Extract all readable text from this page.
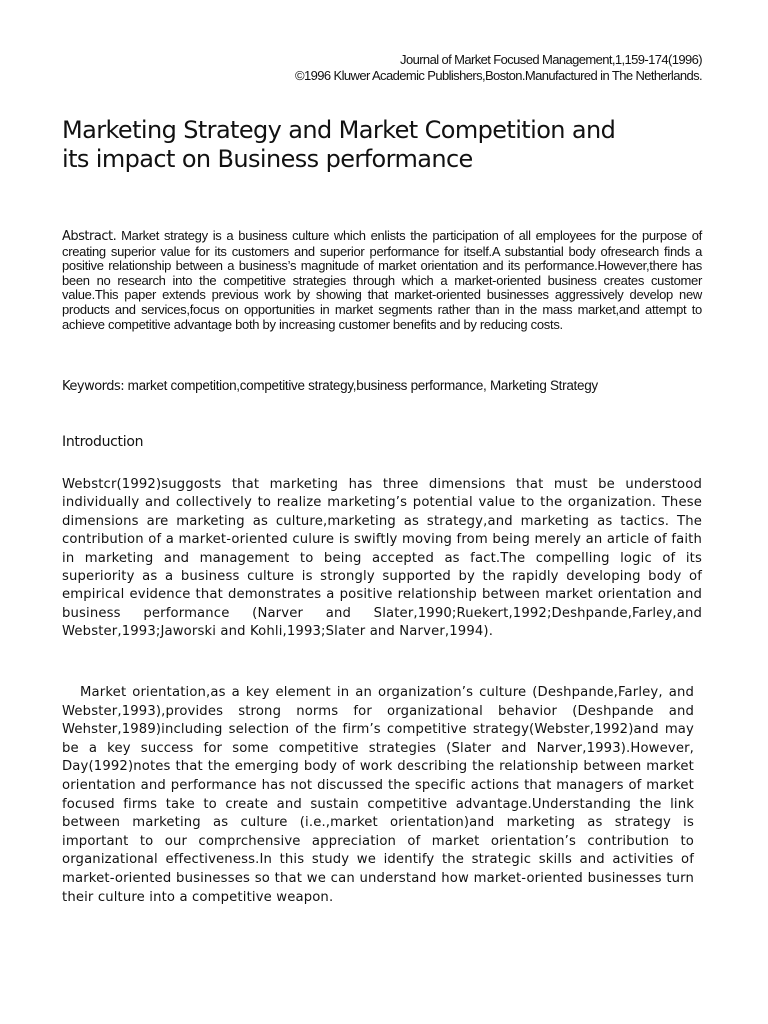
Journal of Market Focused Management,1,159-174(1996)
©1996 Kluwer Academic Publishers,Boston.Manufactured in The Netherlands.
Marketing Strategy and Market Competition and its impact on Business performance

Abstract. Market strategy is a business culture which enlists the participation of all employees for the purpose of creating superior value for its customers and superior performance for itself.A substantial body ofresearch finds a positive relationship between a business’s magnitude of market orientation and its performance.However,there has been no research into the competitive strategies through which a market-oriented business creates customer value.This paper extends previous work by showing that market-oriented businesses aggressively develop new products and services,focus on opportunities in market segments rather than in the mass market,and attempt to achieve competitive advantage both by increasing customer benefits and by reducing costs.

Keywords: market competition,competitive strategy,business performance, Marketing Strategy

Introduction

Webstcr(1992)suggosts that marketing has three dimensions that must be understood individually and collectively to realize marketing’s potential value to the organization. These dimensions are marketing as culture,marketing as strategy,and marketing as tactics. The contribution of a market-oriented culure is swiftly moving from being merely an article of faith in marketing and management to being accepted as fact.The compelling logic of its superiority as a business culture is strongly supported by the rapidly developing body of empirical evidence that demonstrates a positive relationship between market orientation and business performance (Narver and Slater,1990;Ruekert,1992;Deshpande,Farley,and Webster,1993;Jaworski and Kohli,1993;Slater and Narver,1994).

Market orientation,as a key element in an organization’s culture (Deshpande,Farley, and Webster,1993),provides strong norms for organizational behavior (Deshpande and Wehster,1989)including selection of the firm’s competitive strategy(Webster,1992)and may be a key success for some competitive strategies (Slater and Narver,1993).However, Day(1992)notes that the emerging body of work describing the relationship between market orientation and performance has not discussed the specific actions that managers of market focused firms take to create and sustain competitive advantage.Understanding the link between marketing as culture (i.e.,market orientation)and marketing as strategy is important to our comprchensive appreciation of market orientation’s contribution to organizational effectiveness.In this study we identify the strategic skills and activities of market-oriented businesses so that we can understand how market-oriented businesses turn their culture into a competitive weapon.
